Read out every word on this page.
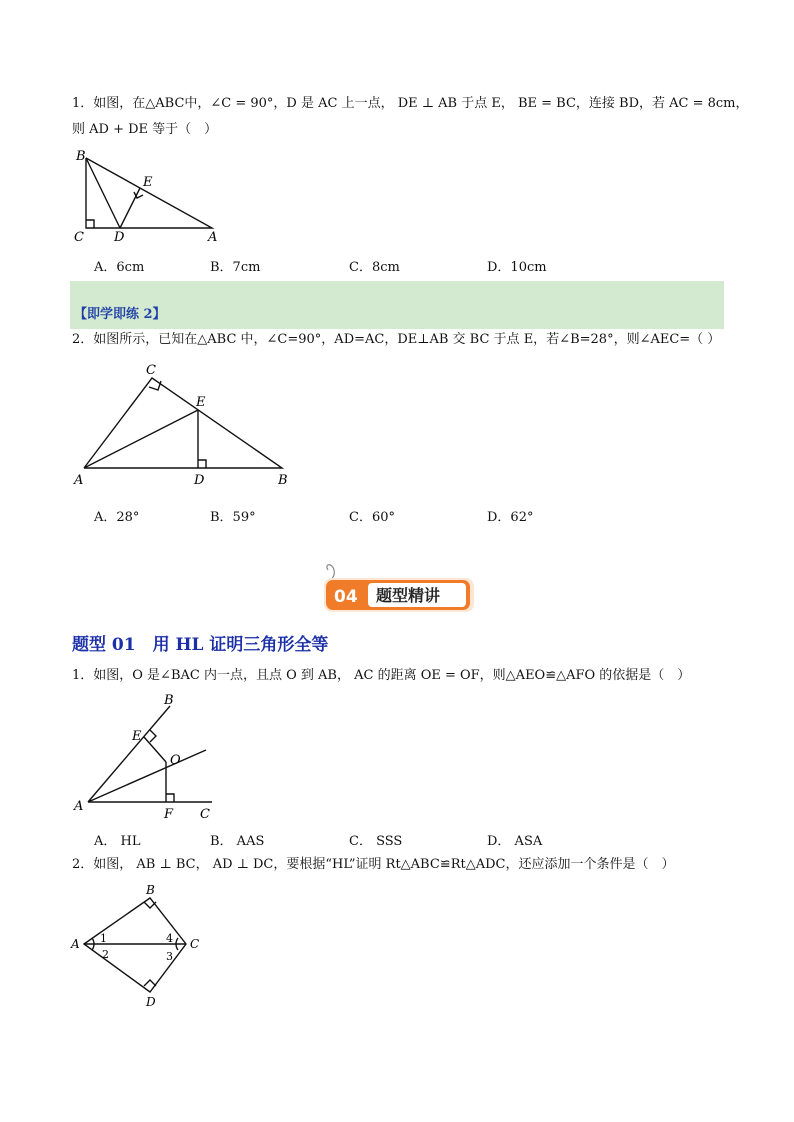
1．如图，在△ABC中，∠C = 90°，D 是 AC 上一点， DE ⊥ AB 于点 E， BE = BC，连接 BD，若 AC = 8cm，
则 AD + DE 等于（　）
B
E
C D	A
A．6cm	B．7cm	C．8cm	D．10cm
【即学即练 2】
2．如图所示，已知在△ABC 中，∠C=90°，AD=AC，DE⊥AB 交 BC 于点 E，若∠B=28°，则∠AEC=（ ）
C
E
A	D	B
A．28°	B．59°	C．60°	D．62°
04 题型精讲
题型 01　用 HL 证明三角形全等
1．如图，O 是∠BAC 内一点，且点 O 到 AB， AC 的距离 OE = OF，则△AEO≌△AFO 的依据是（　）
B
E
O
A
F C
A． HL	B． AAS	C． SSS	D． ASA
2．如图， AB ⊥ BC， AD ⊥ DC，要根据“HL”证明 Rt△ABC≌Rt△ADC，还应添加一个条件是（　）
B
A 1
2
4 C
3
D
